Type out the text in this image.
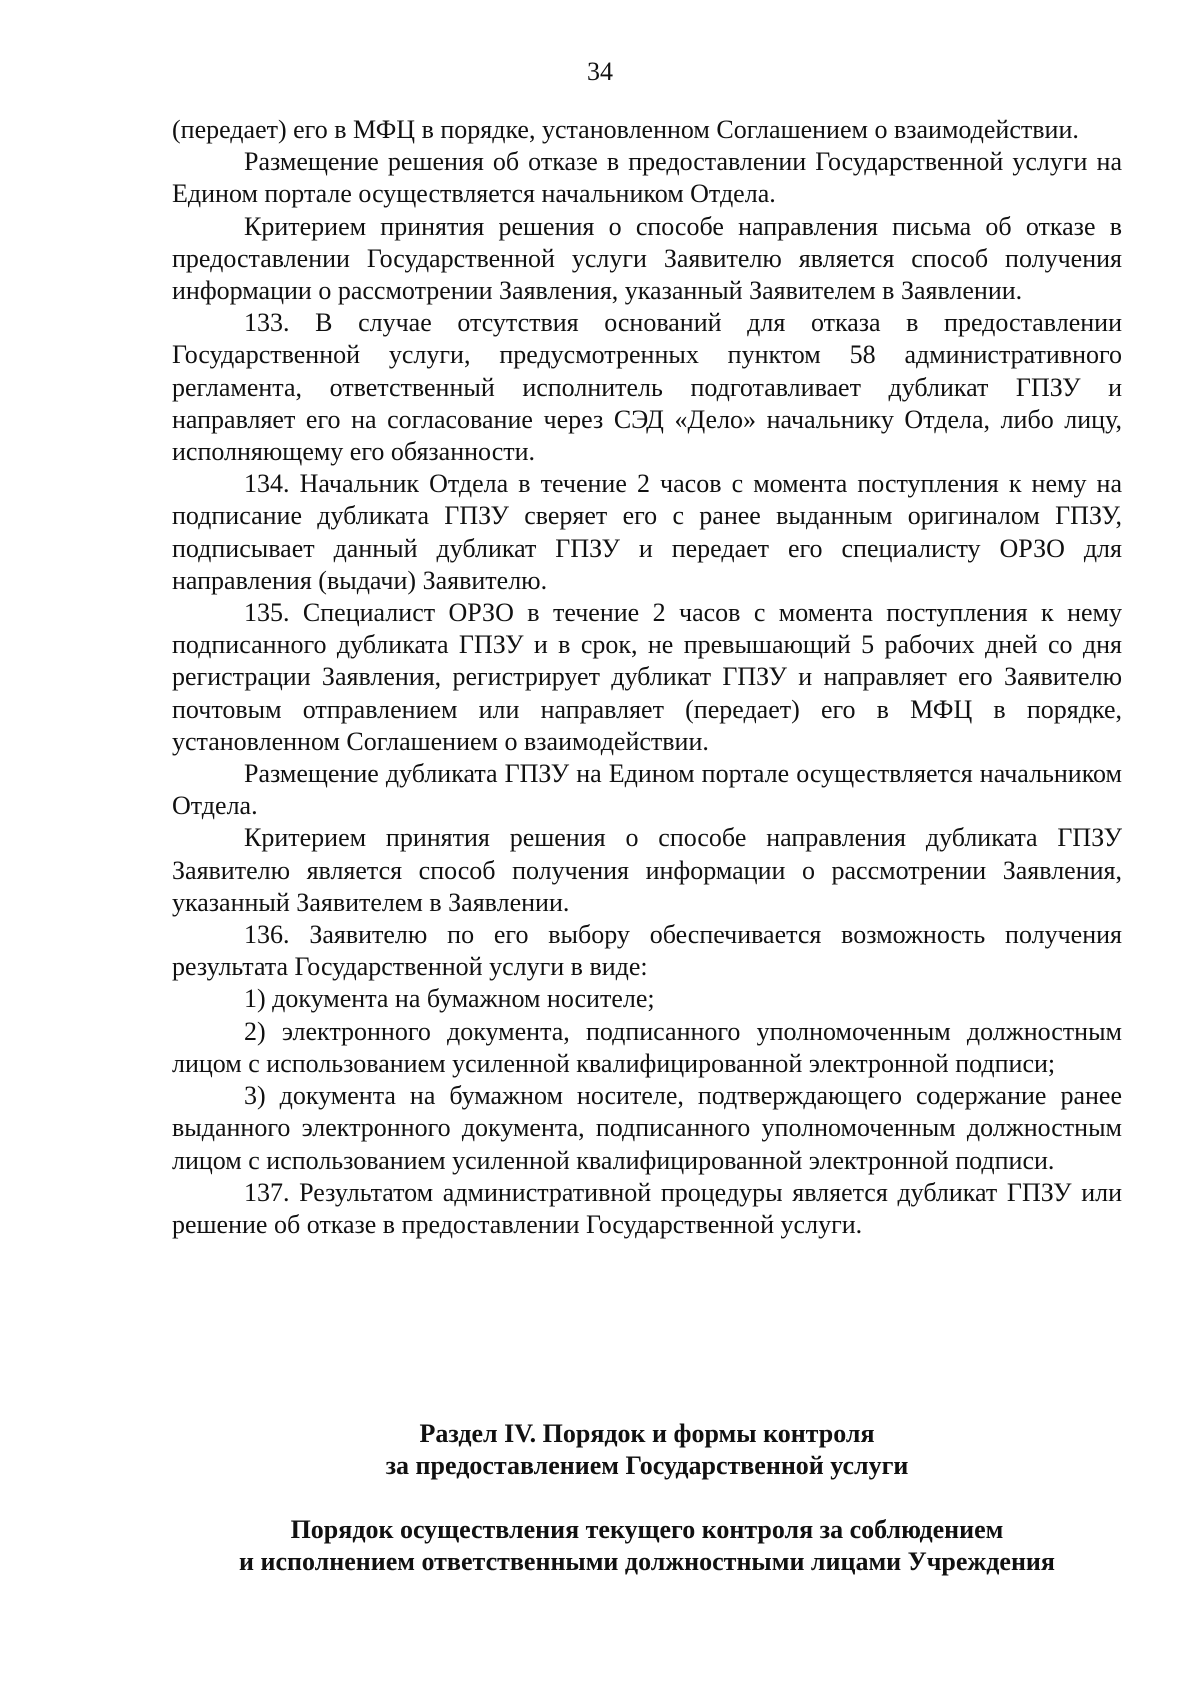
34

(передает) его в МФЦ в порядке, установленном Соглашением о взаимодействии.

Размещение решения об отказе в предоставлении Государственной услуги на Едином портале осуществляется начальником Отдела.

Критерием принятия решения о способе направления письма об отказе в предоставлении Государственной услуги Заявителю является способ получения информации о рассмотрении Заявления, указанный Заявителем в Заявлении.

133. В случае отсутствия оснований для отказа в предоставлении Государственной услуги, предусмотренных пунктом 58 административного регламента, ответственный исполнитель подготавливает дубликат ГПЗУ и направляет его на согласование через СЭД «Дело» начальнику Отдела, либо лицу, исполняющему его обязанности.

134. Начальник Отдела в течение 2 часов с момента поступления к нему на подписание дубликата ГПЗУ сверяет его с ранее выданным оригиналом ГПЗУ, подписывает данный дубликат ГПЗУ и передает его специалисту ОРЗО для направления (выдачи) Заявителю.

135. Специалист ОРЗО в течение 2 часов с момента поступления к нему подписанного дубликата ГПЗУ и в срок, не превышающий 5 рабочих дней со дня регистрации Заявления, регистрирует дубликат ГПЗУ и направляет его Заявителю почтовым отправлением или направляет (передает) его в МФЦ в порядке, установленном Соглашением о взаимодействии.

Размещение дубликата ГПЗУ на Едином портале осуществляется начальником Отдела.

Критерием принятия решения о способе направления дубликата ГПЗУ Заявителю является способ получения информации о рассмотрении Заявления, указанный Заявителем в Заявлении.

136. Заявителю по его выбору обеспечивается возможность получения результата Государственной услуги в виде:

1) документа на бумажном носителе;

2) электронного документа, подписанного уполномоченным должностным лицом с использованием усиленной квалифицированной электронной подписи;

3) документа на бумажном носителе, подтверждающего содержание ранее выданного электронного документа, подписанного уполномоченным должностным лицом с использованием усиленной квалифицированной электронной подписи.

137. Результатом административной процедуры является дубликат ГПЗУ или решение об отказе в предоставлении Государственной услуги.

Раздел IV. Порядок и формы контроля
за предоставлением Государственной услуги
Порядок осуществления текущего контроля за соблюдением
и исполнением ответственными должностными лицами Учреждения
